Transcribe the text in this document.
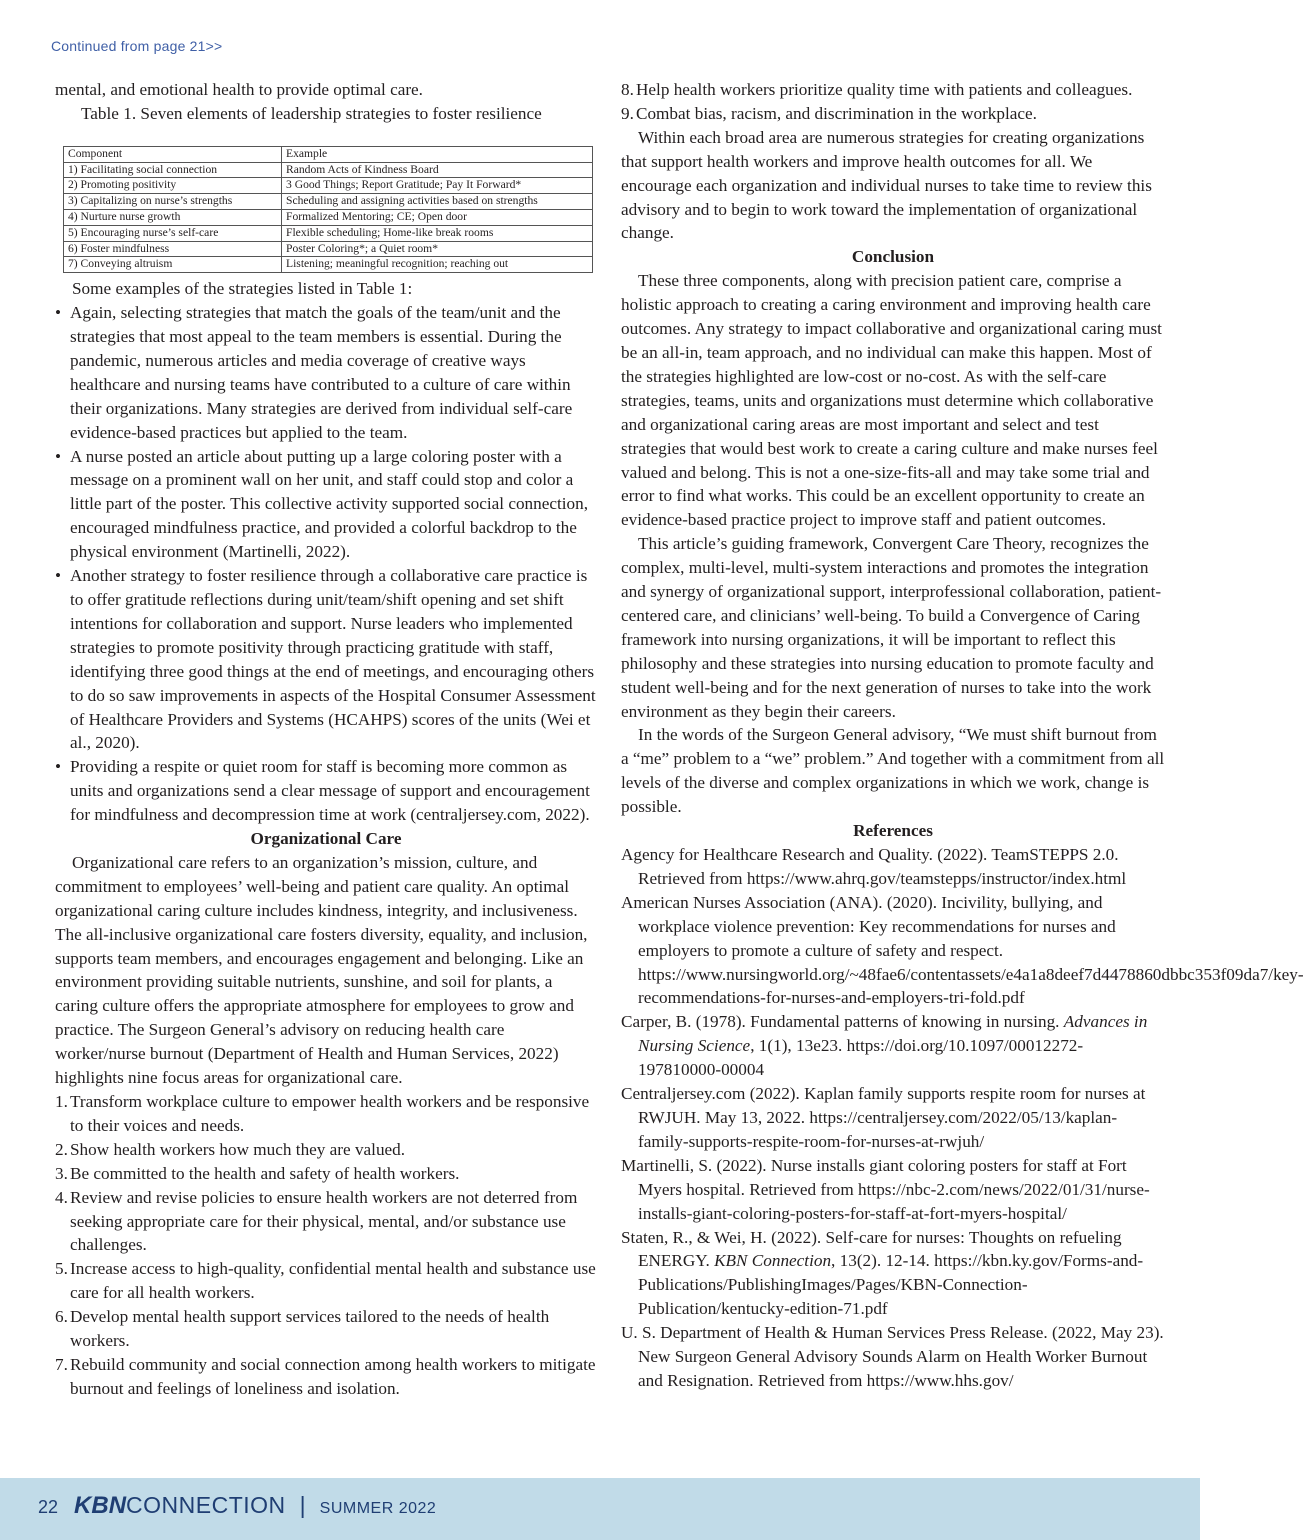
Continued from page 21>>

mental, and emotional health to provide optimal care.

Table 1. Seven elements of leadership strategies to foster resilience

Component	Example
1) Facilitating social connection	Random Acts of Kindness Board
2) Promoting positivity	3 Good Things; Report Gratitude; Pay It Forward*
3) Capitalizing on nurse’s strengths	Scheduling and assigning activities based on strengths
4) Nurture nurse growth	Formalized Mentoring; CE; Open door
5) Encouraging nurse’s self-care	Flexible scheduling; Home-like break rooms
6) Foster mindfulness	Poster Coloring*; a Quiet room*
7) Conveying altruism	Listening; meaningful recognition; reaching out

Some examples of the strategies listed in Table 1:

• Again, selecting strategies that match the goals of the team/unit and the strategies that most appeal to the team members is essential. During the pandemic, numerous articles and media coverage of creative ways healthcare and nursing teams have contributed to a culture of care within their organizations. Many strategies are derived from individual self-care evidence-based practices but applied to the team.
• A nurse posted an article about putting up a large coloring poster with a message on a prominent wall on her unit, and staff could stop and color a little part of the poster. This collective activity supported social connection, encouraged mindfulness practice, and provided a colorful backdrop to the physical environment (Martinelli, 2022).
• Another strategy to foster resilience through a collaborative care practice is to offer gratitude reflections during unit/team/shift opening and set shift intentions for collaboration and support. Nurse leaders who implemented strategies to promote positivity through practicing gratitude with staff, identifying three good things at the end of meetings, and encouraging others to do so saw improvements in aspects of the Hospital Consumer Assessment of Healthcare Providers and Systems (HCAHPS) scores of the units (Wei et al., 2020).
• Providing a respite or quiet room for staff is becoming more common as units and organizations send a clear message of support and encouragement for mindfulness and decompression time at work (centraljersey.com, 2022).

Organizational Care

Organizational care refers to an organization’s mission, culture, and commitment to employees’ well-being and patient care quality. An optimal organizational caring culture includes kindness, integrity, and inclusiveness. The all-inclusive organizational care fosters diversity, equality, and inclusion, supports team members, and encourages engagement and belonging. Like an environment providing suitable nutrients, sunshine, and soil for plants, a caring culture offers the appropriate atmosphere for employees to grow and practice. The Surgeon General’s advisory on reducing health care worker/nurse burnout (Department of Health and Human Services, 2022) highlights nine focus areas for organizational care.

1. Transform workplace culture to empower health workers and be responsive to their voices and needs.
2. Show health workers how much they are valued.
3. Be committed to the health and safety of health workers.
4. Review and revise policies to ensure health workers are not deterred from seeking appropriate care for their physical, mental, and/or substance use challenges.
5. Increase access to high-quality, confidential mental health and substance use care for all health workers.
6. Develop mental health support services tailored to the needs of health workers.
7. Rebuild community and social connection among health workers to mitigate burnout and feelings of loneliness and isolation.
8. Help health workers prioritize quality time with patients and colleagues.
9. Combat bias, racism, and discrimination in the workplace.

Within each broad area are numerous strategies for creating organizations that support health workers and improve health outcomes for all. We encourage each organization and individual nurses to take time to review this advisory and to begin to work toward the implementation of organizational change.

Conclusion

These three components, along with precision patient care, comprise a holistic approach to creating a caring environment and improving health care outcomes. Any strategy to impact collaborative and organizational caring must be an all-in, team approach, and no individual can make this happen. Most of the strategies highlighted are low-cost or no-cost. As with the self-care strategies, teams, units and organizations must determine which collaborative and organizational caring areas are most important and select and test strategies that would best work to create a caring culture and make nurses feel valued and belong. This is not a one-size-fits-all and may take some trial and error to find what works. This could be an excellent opportunity to create an evidence-based practice project to improve staff and patient outcomes.

This article’s guiding framework, Convergent Care Theory, recognizes the complex, multi-level, multi-system interactions and promotes the integration and synergy of organizational support, interprofessional collaboration, patient-centered care, and clinicians’ well-being. To build a Convergence of Caring framework into nursing organizations, it will be important to reflect this philosophy and these strategies into nursing education to promote faculty and student well-being and for the next generation of nurses to take into the work environment as they begin their careers.

In the words of the Surgeon General advisory, “We must shift burnout from a “me” problem to a “we” problem.” And together with a commitment from all levels of the diverse and complex organizations in which we work, change is possible.

References

Agency for Healthcare Research and Quality. (2022). TeamSTEPPS 2.0. Retrieved from https://www.ahrq.gov/teamstepps/instructor/index.html

American Nurses Association (ANA). (2020). Incivility, bullying, and workplace violence prevention: Key recommendations for nurses and employers to promote a culture of safety and respect. https://www.nursingworld.org/~48fae6/contentassets/e4a1a8deef7d4478860dbbc353f09da7/key-recommendations-for-nurses-and-employers-tri-fold.pdf

Carper, B. (1978). Fundamental patterns of knowing in nursing. Advances in Nursing Science, 1(1), 13e23. https://doi.org/10.1097/00012272-197810000-00004

Centraljersey.com (2022). Kaplan family supports respite room for nurses at RWJUH. May 13, 2022. https://centraljersey.com/2022/05/13/kaplan-family-supports-respite-room-for-nurses-at-rwjuh/

Martinelli, S. (2022). Nurse installs giant coloring posters for staff at Fort Myers hospital. Retrieved from https://nbc-2.com/news/2022/01/31/nurse-installs-giant-coloring-posters-for-staff-at-fort-myers-hospital/

Staten, R., & Wei, H. (2022). Self-care for nurses: Thoughts on refueling ENERGY. KBN Connection, 13(2). 12-14. https://kbn.ky.gov/Forms-and-Publications/PublishingImages/Pages/KBN-Connection-Publication/kentucky-edition-71.pdf

U. S. Department of Health & Human Services Press Release. (2022, May 23). New Surgeon General Advisory Sounds Alarm on Health Worker Burnout and Resignation. Retrieved from https://www.hhs.gov/

22 KBNCONNECTION | SUMMER 2022
